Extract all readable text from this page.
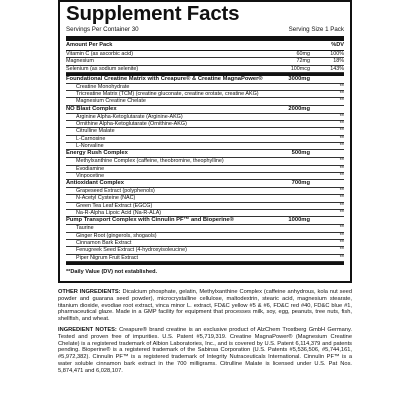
Supplement Facts
Servings Per Container 30	Serving Size 1 Pack
Amount Per Pack	%DV
Vitamin C (as ascorbic acid)	60mg	100%
Magnesium	72mg	18%
Selenium (as sodium selenite)	100mcg	143%
Foundational Creatine Matrix with Creapure® & Creatine MagnaPower®	3000mg
Creatine Monohydrate	**
Tricreatine Matrix (TCM) (creatine gluconate, creatine orotate, creatine AKG)	**
Magnesium Creatine Chelate	**
NO Blast Complex	2000mg
Arginine Alpha-Ketoglutarate (Arginine-AKG)	**
Ornithine Alpha-Ketoglutarate (Ornithine-AKG)	**
Citrulline Malate	**
L-Carnosine	**
L-Norvaline	**
Energy Rush Complex	500mg
Methylxanthine Complex (caffeine, theobromine, theophylline)	**
Evodiamine	**
Vinpocetine	**
Antioxidant Complex	700mg
Grapeseed Extract (polyphenols)	**
N-Acetyl Cysteine (NAC)	**
Green Tea Leaf Extract (EGCG)	**
Na-R-Alpha Lipoic Acid (Na-R-ALA)	**
Pump Transport Complex with Cinnulin PF™ and Bioperine®	1000mg
Taurine	**
Ginger Root (gingerols, shogaols)	**
Cinnamon Bark Extract	**
Fenugreek Seed Extract (4-hydroxyisoleucine)	**
Piper Nigrum Fruit Extract	**
**Daily Value (DV) not established.

OTHER INGREDIENTS: Dicalcium phosphate, gelatin, Methylxanthine Complex (caffeine anhydrous, kola nut seed powder and guarana seed powder), microcrystalline cellulose, maltodextrin, stearic acid, magnesium stearate, titanium dioxide, evodiae root extract, vinca minor L. extract, FD&C yellow #5 & #6, FD&C red #40, FD&C blue #1, pharmaceutical glaze. Made in a GMP facility for equipment that processes milk, soy, egg, peanuts, tree nuts, fish, shellfish, and wheat.

INGREDIENT NOTES: Creapure® brand creatine is an exclusive product of AlzChem Trostberg GmbH Germany. Tested and proven free of impurities. U.S. Patent #5,719,319. Creatine MagnaPower® (Magnesium Creatine Chelate) is a registered trademark of Albion Laboratories, Inc., and is covered by U.S. Patent 6,114,379 and patents pending. Bioperine® is a registered trademark of the Sabinsa Corporation (U.S. Patents #5,536,506, #5,744,161, #5,972,382). Cinnulin PF™ is a registered trademark of Integrity Nutraceuticals International. Cinnulin PF™ is a water soluble cinnamon bark extract in the 700 milligrams. Citrulline Malate is licensed under U.S. Pat Nos. 5,874,471 and 6,028,107.
